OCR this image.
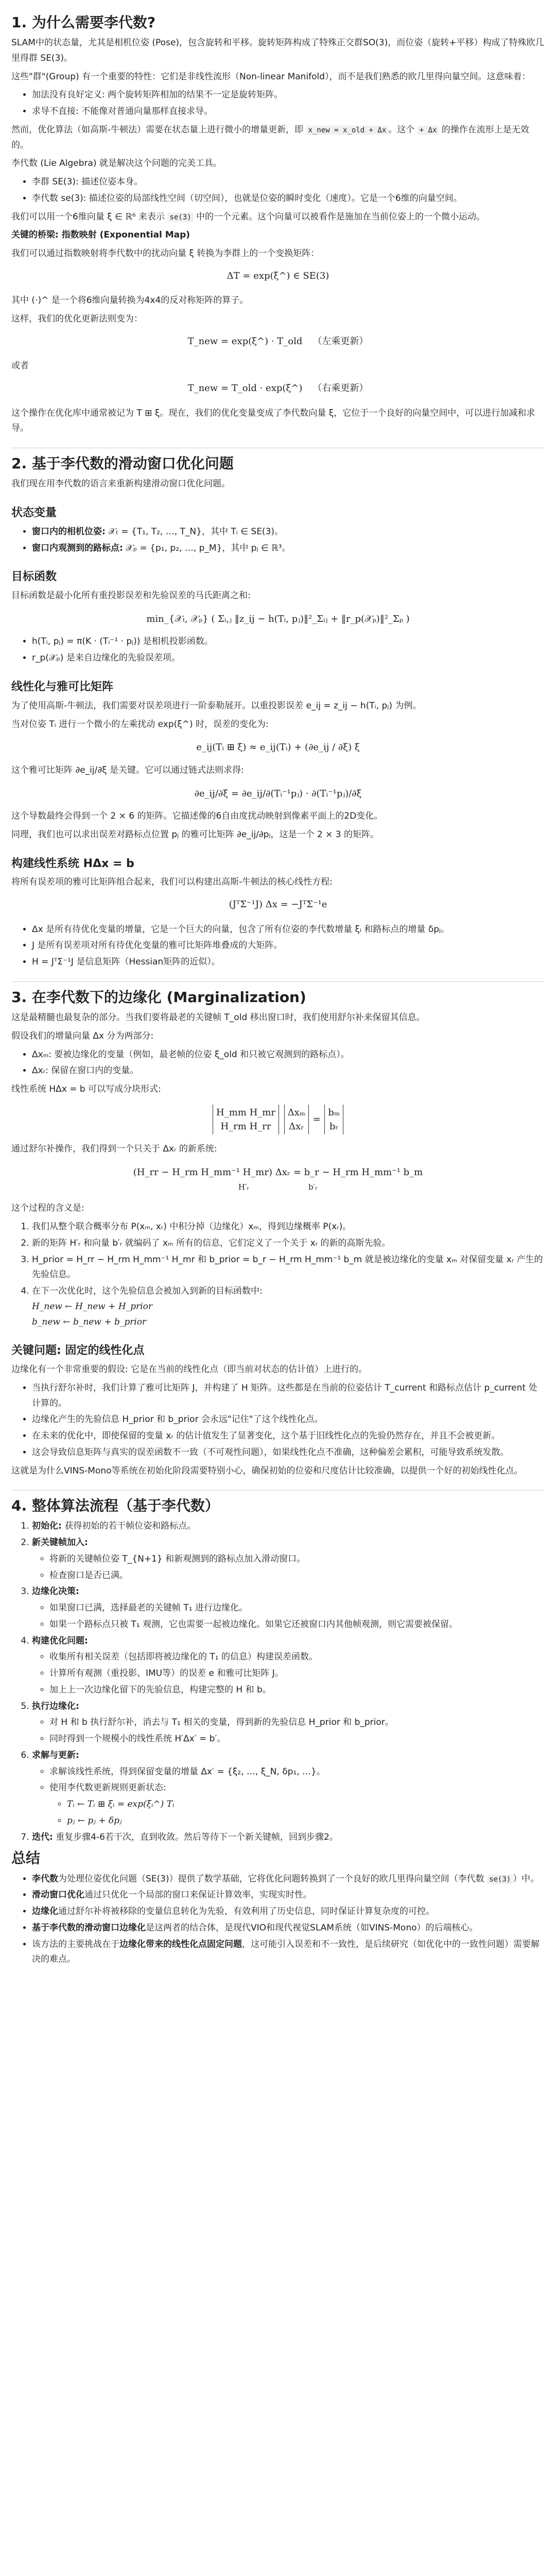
1. 为什么需要李代数?

SLAM中的状态量，尤其是相机位姿 (Pose)，包含旋转和平移。旋转矩阵构成了特殊正交群SO(3)，而位姿（旋转+平移）构成了特殊欧几里得群 SE(3)。

这些"群"(Group) 有一个重要的特性：它们是非线性流形（Non-linear Manifold），而不是我们熟悉的欧几里得向量空间。这意味着：

• 加法没有良好定义: 两个旋转矩阵相加的结果不一定是旋转矩阵。
• 求导不直接: 不能像对普通向量那样直接求导。

然而，优化算法（如高斯-牛顿法）需要在状态量上进行微小的增量更新，即 x_new = x_old + Δx 。这个 + Δx 的操作在流形上是无效的。

李代数 (Lie Algebra) 就是解决这个问题的完美工具。

• 李群 SE(3): 描述位姿本身。
• 李代数 se(3): 描述位姿的局部线性空间（切空间），也就是位姿的瞬时变化（速度）。它是一个6维的向量空间。

我们可以用一个6维向量 ξ ∈ ℝ⁶ 来表示 se(3) 中的一个元素。这个向量可以被看作是施加在当前位姿上的一个微小运动。

关键的桥梁: 指数映射 (Exponential Map)

我们可以通过指数映射将李代数中的扰动向量 ξ 转换为李群上的一个变换矩阵：

ΔT = exp(ξ^) ∈ SE(3)

其中 (·)^ 是一个将6维向量转换为4x4的反对称矩阵的算子。

这样，我们的优化更新法则变为：

T_new = exp(ξ^) · T_old （左乘更新）

或者

T_new = T_old · exp(ξ^) （右乘更新）

这个操作在优化库中通常被记为 T ⊞ ξ。现在，我们的优化变量变成了李代数向量 ξ，它位于一个良好的向量空间中，可以进行加减和求导。

2. 基于李代数的滑动窗口优化问题

我们现在用李代数的语言来重新构建滑动窗口优化问题。

状态变量
• 窗口内的相机位姿: 𝒳ₜ = {T₁, T₂, …, T_N}，其中 Tᵢ ∈ SE(3)。
• 窗口内观测到的路标点: 𝒳ₚ = {p₁, p₂, …, p_M}，其中 pⱼ ∈ ℝ³。
目标函数

目标函数是最小化所有重投影误差和先验误差的马氏距离之和:

min_{𝒳ₜ, 𝒳ₚ} ( Σᵢ,ⱼ ‖z_ij − h(Tᵢ, pⱼ)‖²_Σᵢⱼ + ‖r_p(𝒳ₚ)‖²_Σₚ )
• h(Tᵢ, pⱼ) = π(K · (Tᵢ⁻¹ · pⱼ)) 是相机投影函数。
• r_p(𝒳ₚ) 是来自边缘化的先验误差项。
线性化与雅可比矩阵

为了使用高斯-牛顿法，我们需要对误差项进行一阶泰勒展开。以重投影误差 e_ij = z_ij − h(Tᵢ, pⱼ) 为例。

当对位姿 Tᵢ 进行一个微小的左乘扰动 exp(ξ^) 时，误差的变化为:

e_ij(Tᵢ ⊞ ξ) ≈ e_ij(Tᵢ) + (∂e_ij / ∂ξ) ξ

这个雅可比矩阵 ∂e_ij/∂ξ 是关键。它可以通过链式法则求得:

∂e_ij/∂ξ = ∂e_ij/∂(Tᵢ⁻¹pⱼ) · ∂(Tᵢ⁻¹pⱼ)/∂ξ

这个导数最终会得到一个 2 × 6 的矩阵。它描述像的6自由度扰动映射到像素平面上的2D变化。

同理，我们也可以求出误差对路标点位置 pⱼ 的雅可比矩阵 ∂e_ij/∂pⱼ，这是一个 2 × 3 的矩阵。

构建线性系统 HΔx = b

将所有误差项的雅可比矩阵组合起来，我们可以构建出高斯-牛顿法的核心线性方程:

(JᵀΣ⁻¹J) Δx = −JᵀΣ⁻¹e
• Δx 是所有待优化变量的增量，它是一个巨大的向量，包含了所有位姿的李代数增量 ξᵢ 和路标点的增量 δpⱼ。
• J 是所有误差项对所有待优化变量的雅可比矩阵堆叠成的大矩阵。
• H = JᵀΣ⁻¹J 是信息矩阵（Hessian矩阵的近似）。
3. 在李代数下的边缘化 (Marginalization)

这是最精髓也最复杂的部分。当我们要将最老的关键帧 T_old 移出窗口时，我们使用舒尔补来保留其信息。

假设我们的增量向量 Δx 分为两部分:

• Δxₘ: 要被边缘化的变量（例如，最老帧的位姿 ξ_old 和只被它观测到的路标点）。
• Δxᵣ: 保留在窗口内的变量。

线性系统 HΔx = b 可以写成分块形式:

H_mm H_mr
H_rm H_rr Δxₘ
Δxᵣ = bₘ
bᵣ

通过舒尔补操作，我们得到一个只关于 Δxᵣ 的新系统:

(H_rr − H_rm H_mm⁻¹ H_mr) Δxᵣ = b_r − H_rm H_mm⁻¹ b_m
H′ᵣ	b′ᵣ

这个过程的含义是:

1. 我们从整个联合概率分布 P(xₘ, xᵣ) 中积分掉（边缘化）xₘ，得到边缘概率 P(xᵣ)。
2. 新的矩阵 H′ᵣ 和向量 b′ᵣ 就编码了 xₘ 所有的信息，它们定义了一个关于 xᵣ 的新的高斯先验。
3. H_prior = H_rr − H_rm H_mm⁻¹ H_mr 和 b_prior = b_r − H_rm H_mm⁻¹ b_m 就是被边缘化的变量 xₘ 对保留变量 xᵣ 产生的先验信息。
4. 在下一次优化时，这个先验信息会被加入到新的目标函数中:
H_new ← H_new + H_prior
b_new ← b_new + b_prior
关键问题: 固定的线性化点

边缘化有一个非常重要的假设: 它是在当前的线性化点（即当前对状态的估计值）上进行的。

• 当执行舒尔补时，我们计算了雅可比矩阵 J，并构建了 H 矩阵。这些都是在当前的位姿估计 T_current 和路标点估计 p_current 处计算的。
• 边缘化产生的先验信息 H_prior 和 b_prior 会永远"记住"了这个线性化点。
• 在未来的优化中，即使保留的变量 xᵣ 的估计值发生了显著变化，这个基于旧线性化点的先验仍然存在，并且不会被更新。
• 这会导致信息矩阵与真实的误差函数不一致（不可观性问题），如果线性化点不准确，这种偏差会累积，可能导致系统发散。

这就是为什么VINS-Mono等系统在初始化阶段需要特别小心，确保初始的位姿和尺度估计比较准确，以提供一个好的初始线性化点。

4. 整体算法流程（基于李代数）
1. 初始化: 获得初始的若干帧位姿和路标点。
2. 新关键帧加入:
◦ 将新的关键帧位姿 T_{N+1} 和新观测到的路标点加入滑动窗口。
◦ 检查窗口是否已满。
3. 边缘化决策:
◦ 如果窗口已满，选择最老的关键帧 T₁ 进行边缘化。
◦ 如果一个路标点只被 T₁ 观测，它也需要一起被边缘化。如果它还被窗口内其他帧观测，则它需要被保留。
4. 构建优化问题:
◦ 收集所有相关误差（包括即将被边缘化的 T₁ 的信息）构建误差函数。
◦ 计算所有观测（重投影、IMU等）的误差 e 和雅可比矩阵 J。
◦ 加上上一次边缘化留下的先验信息，构建完整的 H 和 b。
5. 执行边缘化:
◦ 对 H 和 b 执行舒尔补，消去与 T₁ 相关的变量，得到新的先验信息 H_prior 和 b_prior。
◦ 同时得到一个规模小的线性系统 H′Δx′ = b′。
6. 求解与更新:
◦ 求解该线性系统，得到保留变量的增量 Δx′ = {ξ₂, …, ξ_N, δp₁, …}。
◦ 使用李代数更新规则更新状态:
◦ Tᵢ ← Tᵢ ⊞ ξᵢ = exp(ξᵢ^) Tᵢ
◦ pⱼ ← pⱼ + δpⱼ
7. 迭代: 重复步骤4-6若干次，直到收敛。然后等待下一个新关键帧，回到步骤2。
总结
• 李代数为处理位姿优化问题（SE(3)）提供了数学基础，它将优化问题转换到了一个良好的欧几里得向量空间（李代数 se(3) ）中。
• 滑动窗口优化通过只优化一个局部的窗口来保证计算效率，实现实时性。
• 边缘化通过舒尔补将被移除的变量信息转化为先验，有效利用了历史信息，同时保证计算复杂度的可控。
• 基于李代数的滑动窗口边缘化是这两者的结合体，是现代VIO和现代视觉SLAM系统（如VINS-Mono）的后端核心。
• 该方法的主要挑战在于边缘化带来的线性化点固定问题，这可能引入误差和不一致性，是后续研究（如优化中的一致性问题）需要解决的难点。
